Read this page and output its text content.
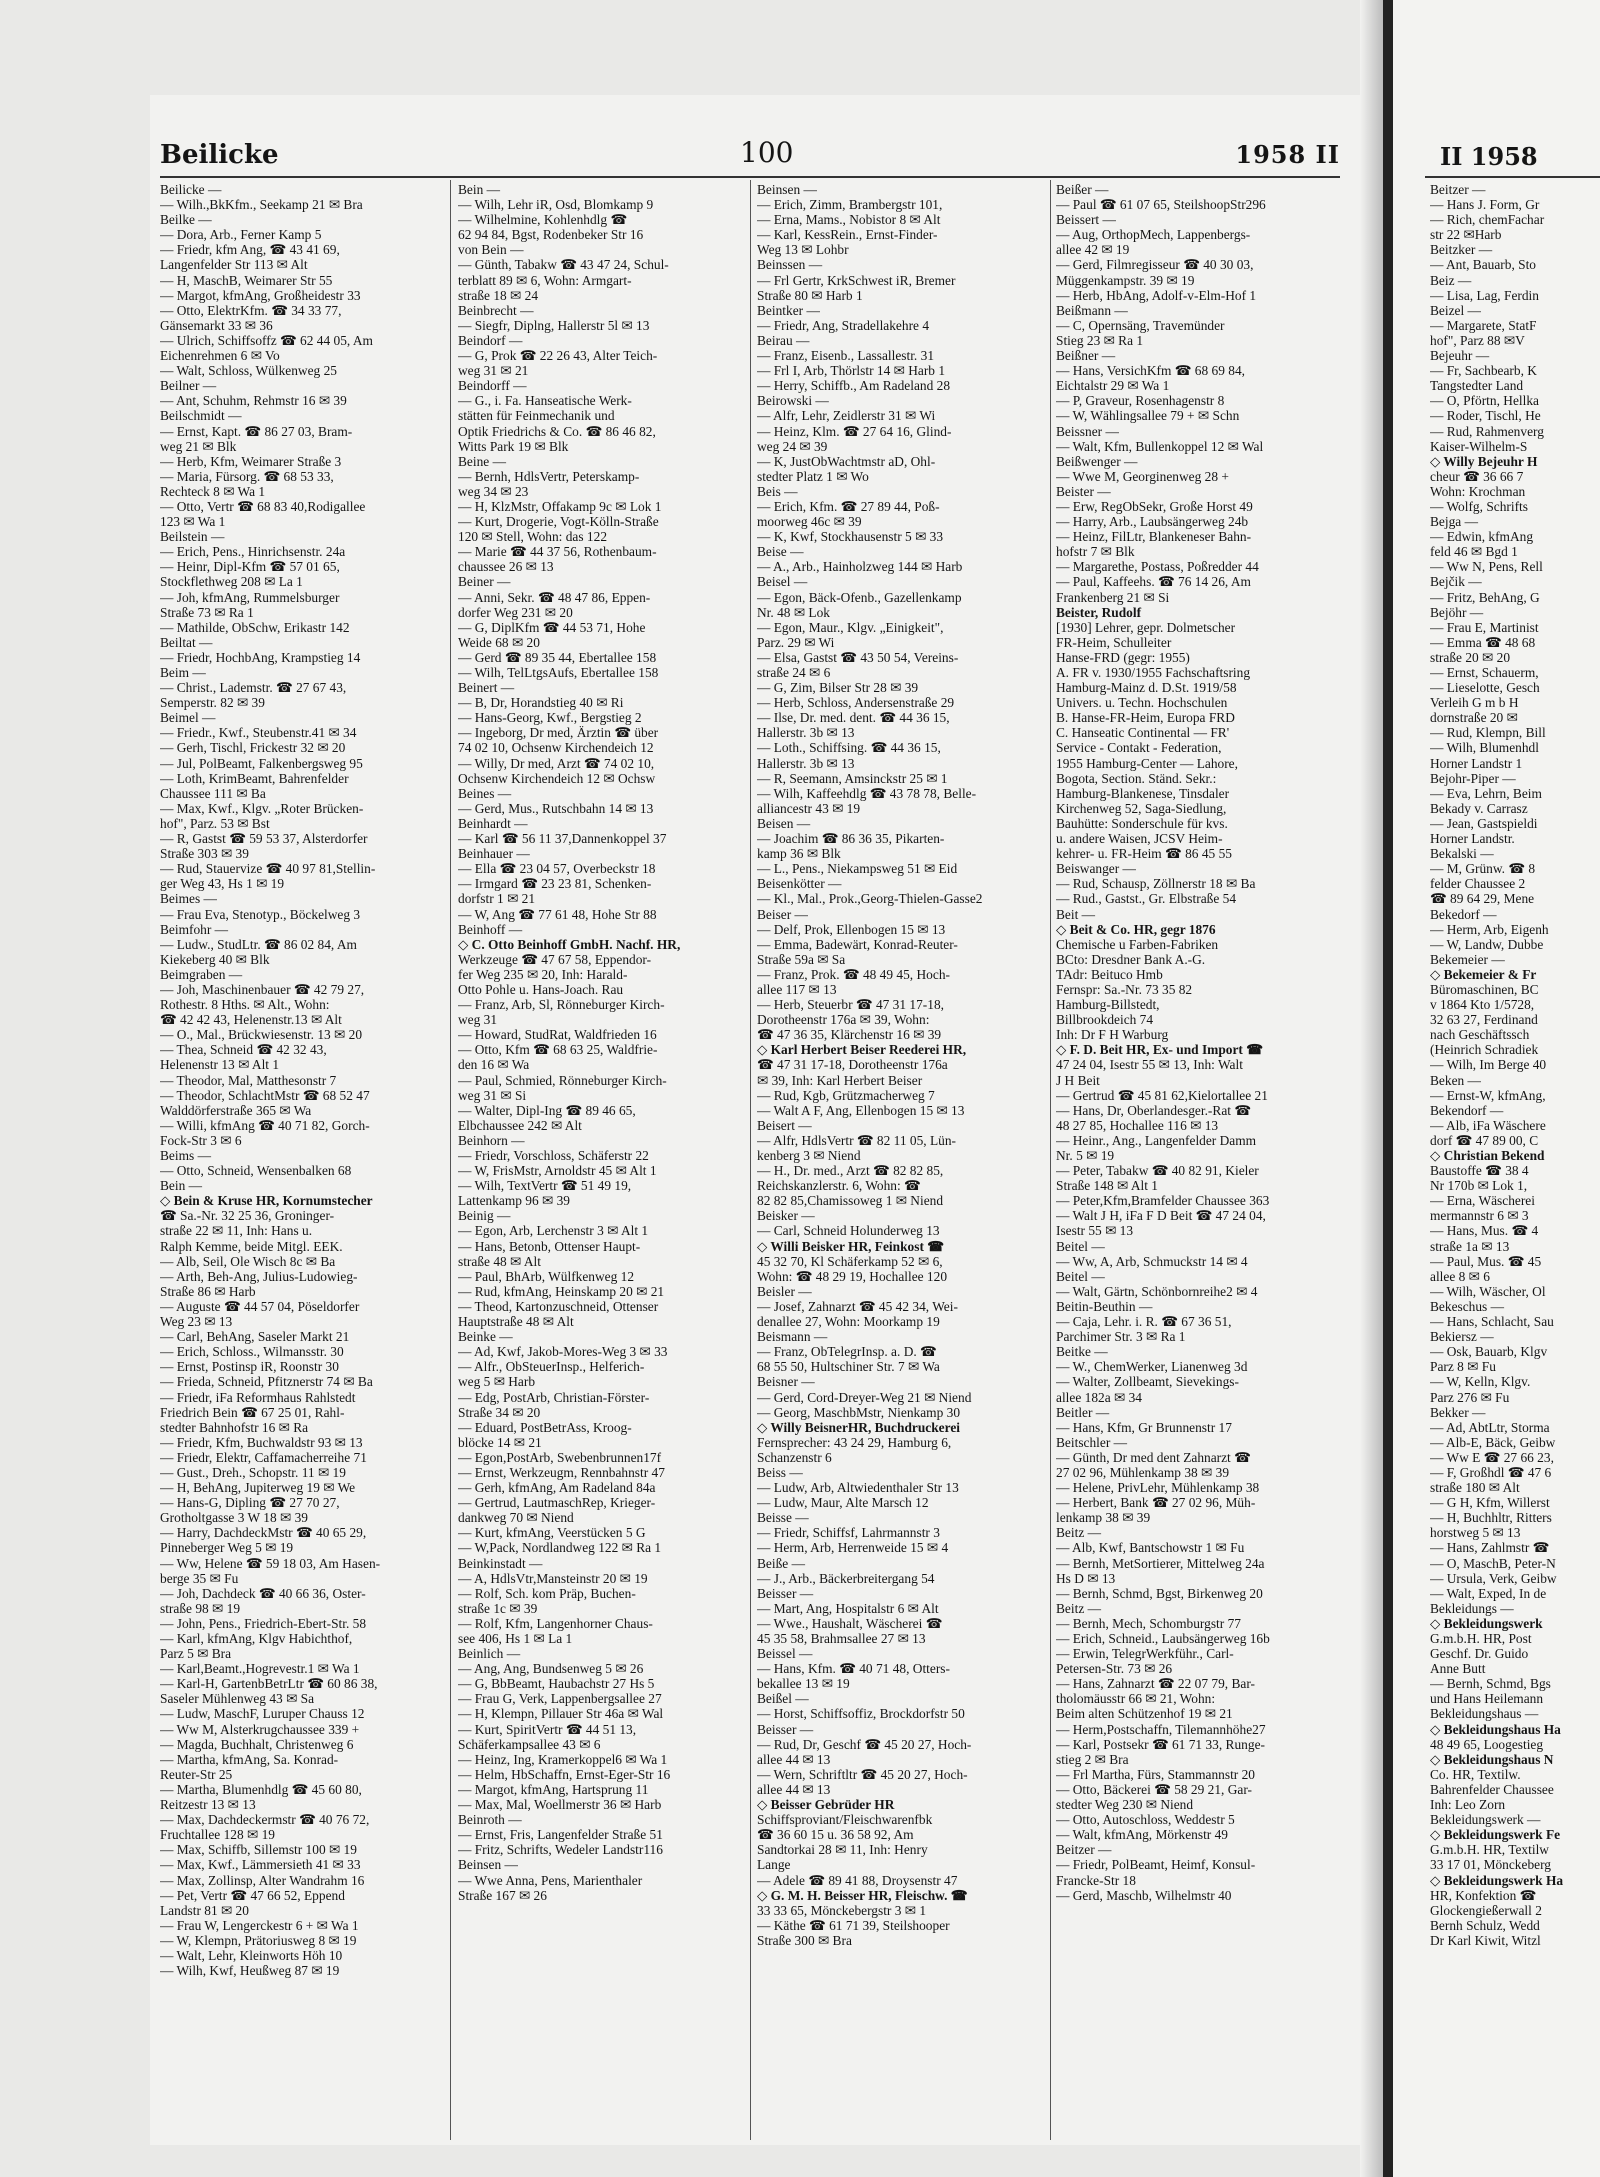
Beilicke	100	1958 II

Beilicke —

— Wilh.,BkKfm., Seekamp 21 ✉ Bra

Beilke —

— Dora, Arb., Ferner Kamp 5

— Friedr, kfm Ang, ☎ 43 41 69,

Langenfelder Str 113 ✉ Alt

— H, MaschB, Weimarer Str 55

— Margot, kfmAng, Großheidestr 33

— Otto, ElektrKfm. ☎ 34 33 77,

Gänsemarkt 33 ✉ 36

— Ulrich, Schiffsoffz ☎ 62 44 05, Am

Eichenrehmen 6 ✉ Vo

— Walt, Schloss, Wülkenweg 25

Beilner —

— Ant, Schuhm, Rehmstr 16 ✉ 39

Beilschmidt —

— Ernst, Kapt. ☎ 86 27 03, Bram-

weg 21 ✉ Blk

— Herb, Kfm, Weimarer Straße 3

— Maria, Fürsorg. ☎ 68 53 33,

Rechteck 8 ✉ Wa 1

— Otto, Vertr ☎ 68 83 40,Rodigallee

123 ✉ Wa 1

Beilstein —

— Erich, Pens., Hinrichsenstr. 24a

— Heinr, Dipl-Kfm ☎ 57 01 65,

Stockflethweg 208 ✉ La 1

— Joh, kfmAng, Rummelsburger

Straße 73 ✉ Ra 1

— Mathilde, ObSchw, Erikastr 142

Beiltat —

— Friedr, HochbAng, Krampstieg 14

Beim —

— Christ., Lademstr. ☎ 27 67 43,

Semperstr. 82 ✉ 39

Beimel —

— Friedr., Kwf., Steubenstr.41 ✉ 34

— Gerh, Tischl, Frickestr 32 ✉ 20

— Jul, PolBeamt, Falkenbergsweg 95

— Loth, KrimBeamt, Bahrenfelder

Chaussee 111 ✉ Ba

— Max, Kwf., Klgv. „Roter Brücken-

hof", Parz. 53 ✉ Bst

— R, Gastst ☎ 59 53 37, Alsterdorfer

Straße 303 ✉ 39

— Rud, Stauervize ☎ 40 97 81,Stellin-

ger Weg 43, Hs 1 ✉ 19

Beimes —

— Frau Eva, Stenotyp., Böckelweg 3

Beimfohr —

— Ludw., StudLtr. ☎ 86 02 84, Am

Kiekeberg 40 ✉ Blk

Beimgraben —

— Joh, Maschinenbauer ☎ 42 79 27,

Rothestr. 8 Hths. ✉ Alt., Wohn:

☎ 42 42 43, Helenenstr.13 ✉ Alt

— O., Mal., Brückwiesenstr. 13 ✉ 20

— Thea, Schneid ☎ 42 32 43,

Helenenstr 13 ✉ Alt 1

— Theodor, Mal, Matthesonstr 7

— Theodor, SchlachtMstr ☎ 68 52 47

Walddörferstraße 365 ✉ Wa

— Willi, kfmAng ☎ 40 71 82, Gorch-

Fock-Str 3 ✉ 6

Beims —

— Otto, Schneid, Wensenbalken 68

Bein —

◇ Bein & Kruse HR, Kornumstecher

☎ Sa.-Nr. 32 25 36, Groninger-

straße 22 ✉ 11, Inh: Hans u.

Ralph Kemme, beide Mitgl. EEK.

— Alb, Seil, Ole Wisch 8c ✉ Ba

— Arth, Beh-Ang, Julius-Ludowieg-

Straße 86 ✉ Harb

— Auguste ☎ 44 57 04, Pöseldorfer

Weg 23 ✉ 13

— Carl, BehAng, Saseler Markt 21

— Erich, Schloss., Wilmansstr. 30

— Ernst, Postinsp iR, Roonstr 30

— Frieda, Schneid, Pfitznerstr 74 ✉ Ba

— Friedr, iFa Reformhaus Rahlstedt

Friedrich Bein ☎ 67 25 01, Rahl-

stedter Bahnhofstr 16 ✉ Ra

— Friedr, Kfm, Buchwaldstr 93 ✉ 13

— Friedr, Elektr, Caffamacherreihe 71

— Gust., Dreh., Schopstr. 11 ✉ 19

— H, BehAng, Jupiterweg 19 ✉ We

— Hans-G, Dipling ☎ 27 70 27,

Grotholtgasse 3 W 18 ✉ 39

— Harry, DachdeckMstr ☎ 40 65 29,

Pinneberger Weg 5 ✉ 19

— Ww, Helene ☎ 59 18 03, Am Hasen-

berge 35 ✉ Fu

— Joh, Dachdeck ☎ 40 66 36, Oster-

straße 98 ✉ 19

— John, Pens., Friedrich-Ebert-Str. 58

— Karl, kfmAng, Klgv Habichthof,

Parz 5 ✉ Bra

— Karl,Beamt.,Hogrevestr.1 ✉ Wa 1

— Karl-H, GartenbBetrLtr ☎ 60 86 38,

Saseler Mühlenweg 43 ✉ Sa

— Ludw, MaschF, Luruper Chauss 12

— Ww M, Alsterkrugchaussee 339 +

— Magda, Buchhalt, Christenweg 6

— Martha, kfmAng, Sa. Konrad-

Reuter-Str 25

— Martha, Blumenhdlg ☎ 45 60 80,

Reitzestr 13 ✉ 13

— Max, Dachdeckermstr ☎ 40 76 72,

Fruchtallee 128 ✉ 19

— Max, Schiffb, Sillemstr 100 ✉ 19

— Max, Kwf., Lämmersieth 41 ✉ 33

— Max, Zollinsp, Alter Wandrahm 16

— Pet, Vertr ☎ 47 66 52, Eppend

Landstr 81 ✉ 20

— Frau W, Lengerckestr 6 + ✉ Wa 1

— W, Klempn, Prätoriusweg 8 ✉ 19

— Walt, Lehr, Kleinworts Höh 10

— Wilh, Kwf, Heußweg 87 ✉ 19

Bein —

— Wilh, Lehr iR, Osd, Blomkamp 9

— Wilhelmine, Kohlenhdlg ☎

62 94 84, Bgst, Rodenbeker Str 16

von Bein —

— Günth, Tabakw ☎ 43 47 24, Schul-

terblatt 89 ✉ 6, Wohn: Armgart-

straße 18 ✉ 24

Beinbrecht —

— Siegfr, Diplng, Hallerstr 5l ✉ 13

Beindorf —

— G, Prok ☎ 22 26 43, Alter Teich-

weg 31 ✉ 21

Beindorff —

— G., i. Fa. Hanseatische Werk-

stätten für Feinmechanik und

Optik Friedrichs & Co. ☎ 86 46 82,

Witts Park 19 ✉ Blk

Beine —

— Bernh, HdlsVertr, Peterskamp-

weg 34 ✉ 23

— H, KlzMstr, Offakamp 9c ✉ Lok 1

— Kurt, Drogerie, Vogt-Kölln-Straße

120 ✉ Stell, Wohn: das 122

— Marie ☎ 44 37 56, Rothenbaum-

chaussee 26 ✉ 13

Beiner —

— Anni, Sekr. ☎ 48 47 86, Eppen-

dorfer Weg 231 ✉ 20

— G, DiplKfm ☎ 44 53 71, Hohe

Weide 68 ✉ 20

— Gerd ☎ 89 35 44, Ebertallee 158

— Wilh, TelLtgsAufs, Ebertallee 158

Beinert —

— B, Dr, Horandstieg 40 ✉ Ri

— Hans-Georg, Kwf., Bergstieg 2

— Ingeborg, Dr med, Ärztin ☎ über

74 02 10, Ochsenw Kirchendeich 12

— Willy, Dr med, Arzt ☎ 74 02 10,

Ochsenw Kirchendeich 12 ✉ Ochsw

Beines —

— Gerd, Mus., Rutschbahn 14 ✉ 13

Beinhardt —

— Karl ☎ 56 11 37,Dannenkoppel 37

Beinhauer —

— Ella ☎ 23 04 57, Overbeckstr 18

— Irmgard ☎ 23 23 81, Schenken-

dorfstr 1 ✉ 21

— W, Ang ☎ 77 61 48, Hohe Str 88

Beinhoff —

◇ C. Otto Beinhoff GmbH. Nachf. HR,

Werkzeuge ☎ 47 67 58, Eppendor-

fer Weg 235 ✉ 20, Inh: Harald-

Otto Pohle u. Hans-Joach. Rau

— Franz, Arb, Sl, Rönneburger Kirch-

weg 31

— Howard, StudRat, Waldfrieden 16

— Otto, Kfm ☎ 68 63 25, Waldfrie-

den 16 ✉ Wa

— Paul, Schmied, Rönneburger Kirch-

weg 31 ✉ Si

— Walter, Dipl-Ing ☎ 89 46 65,

Elbchaussee 242 ✉ Alt

Beinhorn —

— Friedr, Vorschloss, Schäferstr 22

— W, FrisMstr, Arnoldstr 45 ✉ Alt 1

— Wilh, TextVertr ☎ 51 49 19,

Lattenkamp 96 ✉ 39

Beinig —

— Egon, Arb, Lerchenstr 3 ✉ Alt 1

— Hans, Betonb, Ottenser Haupt-

straße 48 ✉ Alt

— Paul, BhArb, Wülfkenweg 12

— Rud, kfmAng, Heinskamp 20 ✉ 21

— Theod, Kartonzuschneid, Ottenser

Hauptstraße 48 ✉ Alt

Beinke —

— Ad, Kwf, Jakob-Mores-Weg 3 ✉ 33

— Alfr., ObSteuerInsp., Helferich-

weg 5 ✉ Harb

— Edg, PostArb, Christian-Förster-

Straße 34 ✉ 20

— Eduard, PostBetrAss, Kroog-

blöcke 14 ✉ 21

— Egon,PostArb, Swebenbrunnen17f

— Ernst, Werkzeugm, Rennbahnstr 47

— Gerh, kfmAng, Am Radeland 84a

— Gertrud, LautmaschRep, Krieger-

dankweg 70 ✉ Niend

— Kurt, kfmAng, Veerstücken 5 G

— W,Pack, Nordlandweg 122 ✉ Ra 1

Beinkinstadt —

— A, HdlsVtr,Mansteinstr 20 ✉ 19

— Rolf, Sch. kom Präp, Buchen-

straße 1c ✉ 39

— Rolf, Kfm, Langenhorner Chaus-

see 406, Hs 1 ✉ La 1

Beinlich —

— Ang, Ang, Bundsenweg 5 ✉ 26

— G, BbBeamt, Haubachstr 27 Hs 5

— Frau G, Verk, Lappenbergsallee 27

— H, Klempn, Pillauer Str 46a ✉ Wal

— Kurt, SpiritVertr ☎ 44 51 13,

Schäferkampsallee 43 ✉ 6

— Heinz, Ing, Kramerkoppel6 ✉ Wa 1

— Helm, HbSchaffn, Ernst-Eger-Str 16

— Margot, kfmAng, Hartsprung 11

— Max, Mal, Woellmerstr 36 ✉ Harb

Beinroth —

— Ernst, Fris, Langenfelder Straße 51

— Fritz, Schrifts, Wedeler Landstr116

Beinsen —

— Wwe Anna, Pens, Marienthaler

Straße 167 ✉ 26

Beinsen —

— Erich, Zimm, Brambergstr 101,

— Erna, Mams., Nobistor 8 ✉ Alt

— Karl, KessRein., Ernst-Finder-

Weg 13 ✉ Lohbr

Beinssen —

— Frl Gertr, KrkSchwest iR, Bremer

Straße 80 ✉ Harb 1

Beintker —

— Friedr, Ang, Stradellakehre 4

Beirau —

— Franz, Eisenb., Lassallestr. 31

— Frl I, Arb, Thörlstr 14 ✉ Harb 1

— Herry, Schiffb., Am Radeland 28

Beirowski —

— Alfr, Lehr, Zeidlerstr 31 ✉ Wi

— Heinz, Klm. ☎ 27 64 16, Glind-

weg 24 ✉ 39

— K, JustObWachtmstr aD, Ohl-

stedter Platz 1 ✉ Wo

Beis —

— Erich, Kfm. ☎ 27 89 44, Poß-

moorweg 46c ✉ 39

— K, Kwf, Stockhausenstr 5 ✉ 33

Beise —

— A., Arb., Hainholzweg 144 ✉ Harb

Beisel —

— Egon, Bäck-Ofenb., Gazellenkamp

Nr. 48 ✉ Lok

— Egon, Maur., Klgv. „Einigkeit",

Parz. 29 ✉ Wi

— Elsa, Gastst ☎ 43 50 54, Vereins-

straße 24 ✉ 6

— G, Zim, Bilser Str 28 ✉ 39

— Herb, Schloss, Andersenstraße 29

— Ilse, Dr. med. dent. ☎ 44 36 15,

Hallerstr. 3b ✉ 13

— Loth., Schiffsing. ☎ 44 36 15,

Hallerstr. 3b ✉ 13

— R, Seemann, Amsinckstr 25 ✉ 1

— Wilh, Kaffeehdlg ☎ 43 78 78, Belle-

alliancestr 43 ✉ 19

Beisen —

— Joachim ☎ 86 36 35, Pikarten-

kamp 36 ✉ Blk

— L., Pens., Niekampsweg 51 ✉ Eid

Beisenkötter —

— Kl., Mal., Prok.,Georg-Thielen-Gasse2

Beiser —

— Delf, Prok, Ellenbogen 15 ✉ 13

— Emma, Badewärt, Konrad-Reuter-

Straße 59a ✉ Sa

— Franz, Prok. ☎ 48 49 45, Hoch-

allee 117 ✉ 13

— Herb, Steuerbr ☎ 47 31 17-18,

Dorotheenstr 176a ✉ 39, Wohn:

☎ 47 36 35, Klärchenstr 16 ✉ 39

◇ Karl Herbert Beiser Reederei HR,

☎ 47 31 17-18, Dorotheenstr 176a

✉ 39, Inh: Karl Herbert Beiser

— Rud, Kgb, Grützmacherweg 7

— Walt A F, Ang, Ellenbogen 15 ✉ 13

Beisert —

— Alfr, HdlsVertr ☎ 82 11 05, Lün-

kenberg 3 ✉ Niend

— H., Dr. med., Arzt ☎ 82 82 85,

Reichskanzlerstr. 6, Wohn: ☎

82 82 85,Chamissoweg 1 ✉ Niend

Beisker —

— Carl, Schneid Holunderweg 13

◇ Willi Beisker HR, Feinkost ☎

45 32 70, Kl Schäferkamp 52 ✉ 6,

Wohn: ☎ 48 29 19, Hochallee 120

Beisler —

— Josef, Zahnarzt ☎ 45 42 34, Wei-

denallee 27, Wohn: Moorkamp 19

Beismann —

— Franz, ObTelegrInsp. a. D. ☎

68 55 50, Hultschiner Str. 7 ✉ Wa

Beisner —

— Gerd, Cord-Dreyer-Weg 21 ✉ Niend

— Georg, MaschbMstr, Nienkamp 30

◇ Willy BeisnerHR, Buchdruckerei

Fernsprecher: 43 24 29, Hamburg 6,

Schanzenstr 6

Beiss —

— Ludw, Arb, Altwiedenthaler Str 13

— Ludw, Maur, Alte Marsch 12

Beisse —

— Friedr, Schiffsf, Lahrmannstr 3

— Herm, Arb, Herrenweide 15 ✉ 4

Beiße —

— J., Arb., Bäckerbreitergang 54

Beisser —

— Mart, Ang, Hospitalstr 6 ✉ Alt

— Wwe., Haushalt, Wäscherei ☎

45 35 58, Brahmsallee 27 ✉ 13

Beissel —

— Hans, Kfm. ☎ 40 71 48, Otters-

bekallee 13 ✉ 19

Beißel —

— Horst, Schiffsoffiz, Brockdorfstr 50

Beisser —

— Rud, Dr, Geschf ☎ 45 20 27, Hoch-

allee 44 ✉ 13

— Wern, Schriftltr ☎ 45 20 27, Hoch-

allee 44 ✉ 13

◇ Beisser Gebrüder HR

Schiffsproviant/Fleischwarenfbk

☎ 36 60 15 u. 36 58 92, Am

Sandtorkai 28 ✉ 11, Inh: Henry

Lange

— Adele ☎ 89 41 88, Droysenstr 47

◇ G. M. H. Beisser HR, Fleischw. ☎

33 33 65, Mönckebergstr 3 ✉ 1

— Käthe ☎ 61 71 39, Steilshooper

Straße 300 ✉ Bra

Beißer —

— Paul ☎ 61 07 65, SteilshoopStr296

Beissert —

— Aug, OrthopMech, Lappenbergs-

allee 42 ✉ 19

— Gerd, Filmregisseur ☎ 40 30 03,

Müggenkampstr. 39 ✉ 19

— Herb, HbAng, Adolf-v-Elm-Hof 1

Beißmann —

— C, Opernsäng, Travemünder

Stieg 23 ✉ Ra 1

Beißner —

— Hans, VersichKfm ☎ 68 69 84,

Eichtalstr 29 ✉ Wa 1

— P, Graveur, Rosenhagenstr 8

— W, Wählingsallee 79 + ✉ Schn

Beissner —

— Walt, Kfm, Bullenkoppel 12 ✉ Wal

Beißwenger —

— Wwe M, Georginenweg 28 +

Beister —

— Erw, RegObSekr, Große Horst 49

— Harry, Arb., Laubsängerweg 24b

— Heinz, FilLtr, Blankeneser Bahn-

hofstr 7 ✉ Blk

— Margarethe, Postass, Poßredder 44

— Paul, Kaffeehs. ☎ 76 14 26, Am

Frankenberg 21 ✉ Si

Beister, Rudolf

[1930] Lehrer, gepr. Dolmetscher

FR-Heim, Schulleiter

Hanse-FRD (gegr: 1955)

A. FR v. 1930/1955 Fachschaftsring

Hamburg-Mainz d. D.St. 1919/58

Univers. u. Techn. Hochschulen

B. Hanse-FR-Heim, Europa FRD

C. Hanseatic Continental — FR'

Service - Contakt - Federation,

1955 Hamburg-Center — Lahore,

Bogota, Section. Ständ. Sekr.:

Hamburg-Blankenese, Tinsdaler

Kirchenweg 52, Saga-Siedlung,

Bauhütte: Sonderschule für kvs.

u. andere Waisen, JCSV Heim-

kehrer- u. FR-Heim ☎ 86 45 55

Beiswanger —

— Rud, Schausp, Zöllnerstr 18 ✉ Ba

— Rud., Gastst., Gr. Elbstraße 54

Beit —

◇ Beit & Co. HR, gegr 1876

Chemische u Farben-Fabriken

BCto: Dresdner Bank A.-G.

TAdr: Beituco Hmb

Fernspr: Sa.-Nr. 73 35 82

Hamburg-Billstedt,

Billbrookdeich 74

Inh: Dr F H Warburg

◇ F. D. Beit HR, Ex- und Import ☎

47 24 04, Isestr 55 ✉ 13, Inh: Walt

J H Beit

— Gertrud ☎ 45 81 62,Kielortallee 21

— Hans, Dr, Oberlandesger.-Rat ☎

48 27 85, Hochallee 116 ✉ 13

— Heinr., Ang., Langenfelder Damm

Nr. 5 ✉ 19

— Peter, Tabakw ☎ 40 82 91, Kieler

Straße 148 ✉ Alt 1

— Peter,Kfm,Bramfelder Chaussee 363

— Walt J H, iFa F D Beit ☎ 47 24 04,

Isestr 55 ✉ 13

Beitel —

— Ww, A, Arb, Schmuckstr 14 ✉ 4

Beitel —

— Walt, Gärtn, Schönbornreihe2 ✉ 4

Beitin-Beuthin —

— Caja, Lehr. i. R. ☎ 67 36 51,

Parchimer Str. 3 ✉ Ra 1

Beitke —

— W., ChemWerker, Lianenweg 3d

— Walter, Zollbeamt, Sievekings-

allee 182a ✉ 34

Beitler —

— Hans, Kfm, Gr Brunnenstr 17

Beitschler —

— Günth, Dr med dent Zahnarzt ☎

27 02 96, Mühlenkamp 38 ✉ 39

— Helene, PrivLehr, Mühlenkamp 38

— Herbert, Bank ☎ 27 02 96, Müh-

lenkamp 38 ✉ 39

Beitz —

— Alb, Kwf, Bantschowstr 1 ✉ Fu

— Bernh, MetSortierer, Mittelweg 24a

Hs D ✉ 13

— Bernh, Schmd, Bgst, Birkenweg 20

Beitz —

— Bernh, Mech, Schomburgstr 77

— Erich, Schneid., Laubsängerweg 16b

— Erwin, TelegrWerkführ., Carl-

Petersen-Str. 73 ✉ 26

— Hans, Zahnarzt ☎ 22 07 79, Bar-

tholomäusstr 66 ✉ 21, Wohn:

Beim alten Schützenhof 19 ✉ 21

— Herm,Postschaffn, Tilemannhöhe27

— Karl, Postsekr ☎ 61 71 33, Runge-

stieg 2 ✉ Bra

— Frl Martha, Fürs, Stammannstr 20

— Otto, Bäckerei ☎ 58 29 21, Gar-

stedter Weg 230 ✉ Niend

— Otto, Autoschloss, Weddestr 5

— Walt, kfmAng, Mörkenstr 49

Beitzer —

— Friedr, PolBeamt, Heimf, Konsul-

Francke-Str 18

— Gerd, Maschb, Wilhelmstr 40

II 1958

Beitzer —

— Hans J. Form, Gr

— Rich, chemFachar

str 22 ✉Harb

Beitzker —

— Ant, Bauarb, Sto

Beiz —

— Lisa, Lag, Ferdin

Beizel —

— Margarete, StatF

hof", Parz 88 ✉V

Bejeuhr —

— Fr, Sachbearb, K

Tangstedter Land

— O, Pförtn, Hellka

— Roder, Tischl, He

— Rud, Rahmenverg

Kaiser-Wilhelm-S

◇ Willy Bejeuhr H

cheur ☎ 36 66 7

Wohn: Krochman

— Wolfg, Schrifts

Bejga —

— Edwin, kfmAng

feld 46 ✉ Bgd 1

— Ww N, Pens, Rell

Bejčik —

— Fritz, BehAng, G

Bejöhr —

— Frau E, Martinist

— Emma ☎ 48 68

straße 20 ✉ 20

— Ernst, Schauerm,

— Lieselotte, Gesch

Verleih G m b H

dornstraße 20 ✉

— Rud, Klempn, Bill

— Wilh, Blumenhdl

Horner Landstr 1

Bejohr-Piper —

— Eva, Lehrn, Beim

Bekady v. Carrasz

— Jean, Gastspieldi

Horner Landstr.

Bekalski —

— M, Grünw. ☎ 8

felder Chaussee 2

☎ 89 64 29, Mene

Bekedorf —

— Herm, Arb, Eigenh

— W, Landw, Dubbe

Bekemeier —

◇ Bekemeier & Fr

Büromaschinen, BC

v 1864 Kto 1/5728,

32 63 27, Ferdinand

nach Geschäftssch

(Heinrich Schradiek

— Wilh, Im Berge 40

Beken —

— Ernst-W, kfmAng,

Bekendorf —

— Alb, iFa Wäschere

dorf ☎ 47 89 00, C

◇ Christian Bekend

Baustoffe ☎ 38 4

Nr 170b ✉ Lok 1,

— Erna, Wäscherei

mermannstr 6 ✉ 3

— Hans, Mus. ☎ 4

straße 1a ✉ 13

— Paul, Mus. ☎ 45

allee 8 ✉ 6

— Wilh, Wäscher, Ol

Bekeschus —

— Hans, Schlacht, Sau

Bekiersz —

— Osk, Bauarb, Klgv

Parz 8 ✉ Fu

— W, Kelln, Klgv.

Parz 276 ✉ Fu

Bekker —

— Ad, AbtLtr, Storma

— Alb-E, Bäck, Geibw

— Ww E ☎ 27 66 23,

— F, Großhdl ☎ 47 6

straße 180 ✉ Alt

— G H, Kfm, Willerst

— H, Buchhltr, Ritters

horstweg 5 ✉ 13

— Hans, Zahlmstr ☎

— O, MaschB, Peter-N

— Ursula, Verk, Geibw

— Walt, Exped, In de

Bekleidungs —

◇ Bekleidungswerk

G.m.b.H. HR, Post

Geschf. Dr. Guido

Anne Butt

— Bernh, Schmd, Bgs

und Hans Heilemann

Bekleidungshaus —

◇ Bekleidungshaus Ha

48 49 65, Loogestieg

◇ Bekleidungshaus N

Co. HR, Textilw.

Bahrenfelder Chaussee

Inh: Leo Zorn

Bekleidungswerk —

◇ Bekleidungswerk Fe

G.m.b.H. HR, Textilw

33 17 01, Mönckeberg

◇ Bekleidungswerk Ha

HR, Konfektion ☎

Glockengießerwall 2

Bernh Schulz, Wedd

Dr Karl Kiwit, Witzl
